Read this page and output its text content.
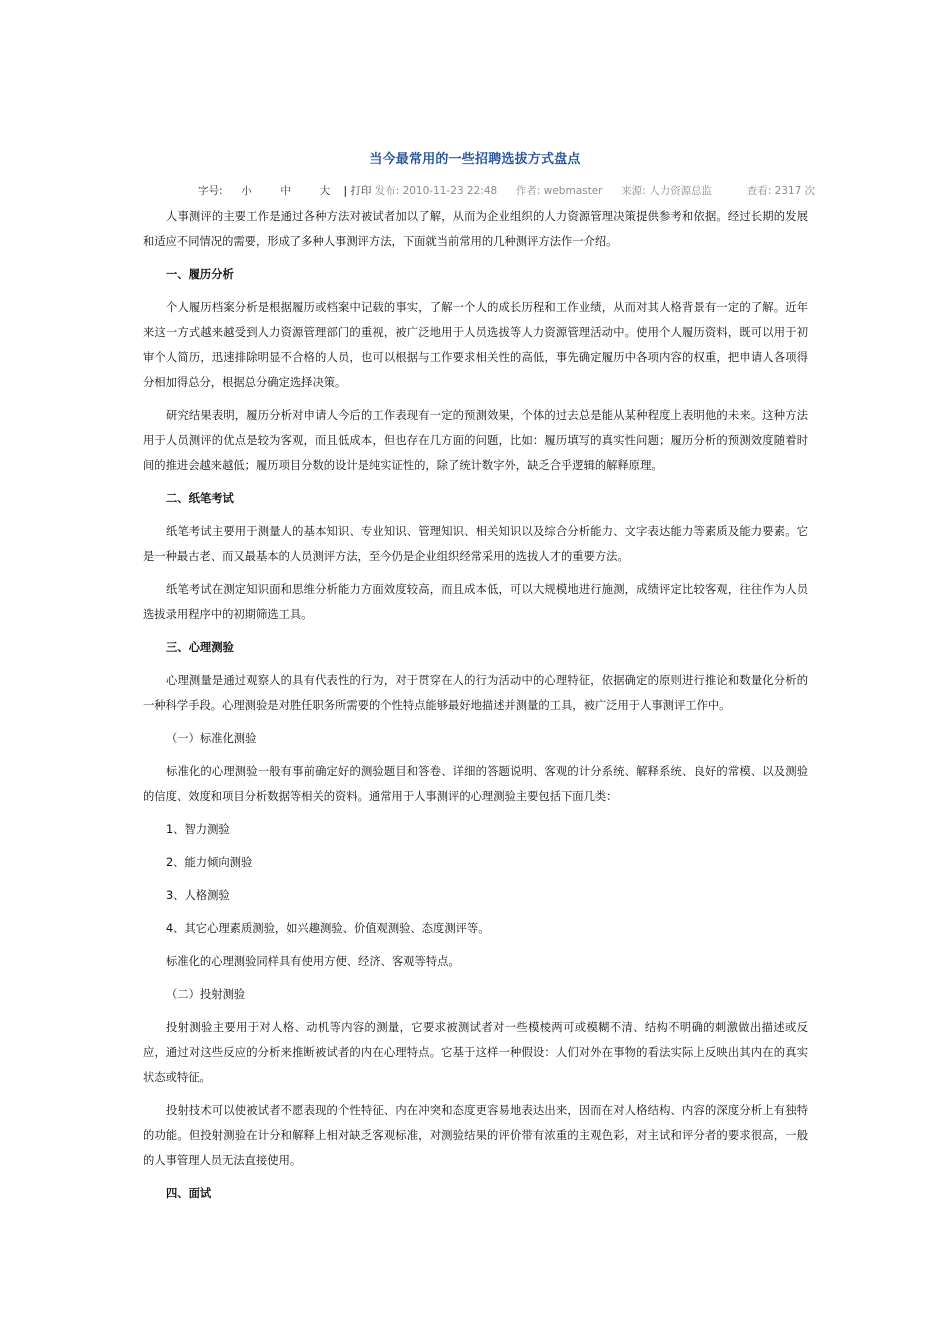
当今最常用的一些招聘选拔方式盘点
字号: 小	中	大 | 打印 发布: 2010-11-23 22:48 作者: webmaster 来源: 人力资源总监	查看: 2317 次

人事测评的主要工作是通过各种方法对被试者加以了解，从而为企业组织的人力资源管理决策提供参考和依据。经过长期的发展和适应不同情况的需要，形成了多种人事测评方法，下面就当前常用的几种测评方法作一介绍。

一、履历分析

个人履历档案分析是根据履历或档案中记载的事实，了解一个人的成长历程和工作业绩，从而对其人格背景有一定的了解。近年来这一方式越来越受到人力资源管理部门的重视，被广泛地用于人员选拔等人力资源管理活动中。使用个人履历资料，既可以用于初审个人简历，迅速排除明显不合格的人员，也可以根据与工作要求相关性的高低，事先确定履历中各项内容的权重，把申请人各项得分相加得总分，根据总分确定选择决策。

研究结果表明，履历分析对申请人今后的工作表现有一定的预测效果，个体的过去总是能从某种程度上表明他的未来。这种方法用于人员测评的优点是较为客观，而且低成本，但也存在几方面的问题，比如：履历填写的真实性问题；履历分析的预测效度随着时间的推进会越来越低；履历项目分数的设计是纯实证性的，除了统计数字外，缺乏合乎逻辑的解释原理。

二、纸笔考试

纸笔考试主要用于测量人的基本知识、专业知识、管理知识、相关知识以及综合分析能力、文字表达能力等素质及能力要素。它是一种最古老、而又最基本的人员测评方法，至今仍是企业组织经常采用的选拔人才的重要方法。

纸笔考试在测定知识面和思维分析能力方面效度较高，而且成本低，可以大规模地进行施测，成绩评定比较客观，往往作为人员选拔录用程序中的初期筛选工具。

三、心理测验

心理测量是通过观察人的具有代表性的行为，对于贯穿在人的行为活动中的心理特征，依据确定的原则进行推论和数量化分析的一种科学手段。心理测验是对胜任职务所需要的个性特点能够最好地描述并测量的工具，被广泛用于人事测评工作中。

（一）标准化测验

标准化的心理测验一般有事前确定好的测验题目和答卷、详细的答题说明、客观的计分系统、解释系统、良好的常模、以及测验的信度、效度和项目分析数据等相关的资料。通常用于人事测评的心理测验主要包括下面几类：

1、智力测验

2、能力倾向测验

3、人格测验

4、其它心理素质测验，如兴趣测验、价值观测验、态度测评等。

标准化的心理测验同样具有使用方便、经济、客观等特点。

（二）投射测验

投射测验主要用于对人格、动机等内容的测量，它要求被测试者对一些模棱两可或模糊不清、结构不明确的刺激做出描述或反应，通过对这些反应的分析来推断被试者的内在心理特点。它基于这样一种假设：人们对外在事物的看法实际上反映出其内在的真实状态或特征。

投射技术可以使被试者不愿表现的个性特征、内在冲突和态度更容易地表达出来，因而在对人格结构、内容的深度分析上有独特的功能。但投射测验在计分和解释上相对缺乏客观标准，对测验结果的评价带有浓重的主观色彩，对主试和评分者的要求很高，一般的人事管理人员无法直接使用。

四、面试
